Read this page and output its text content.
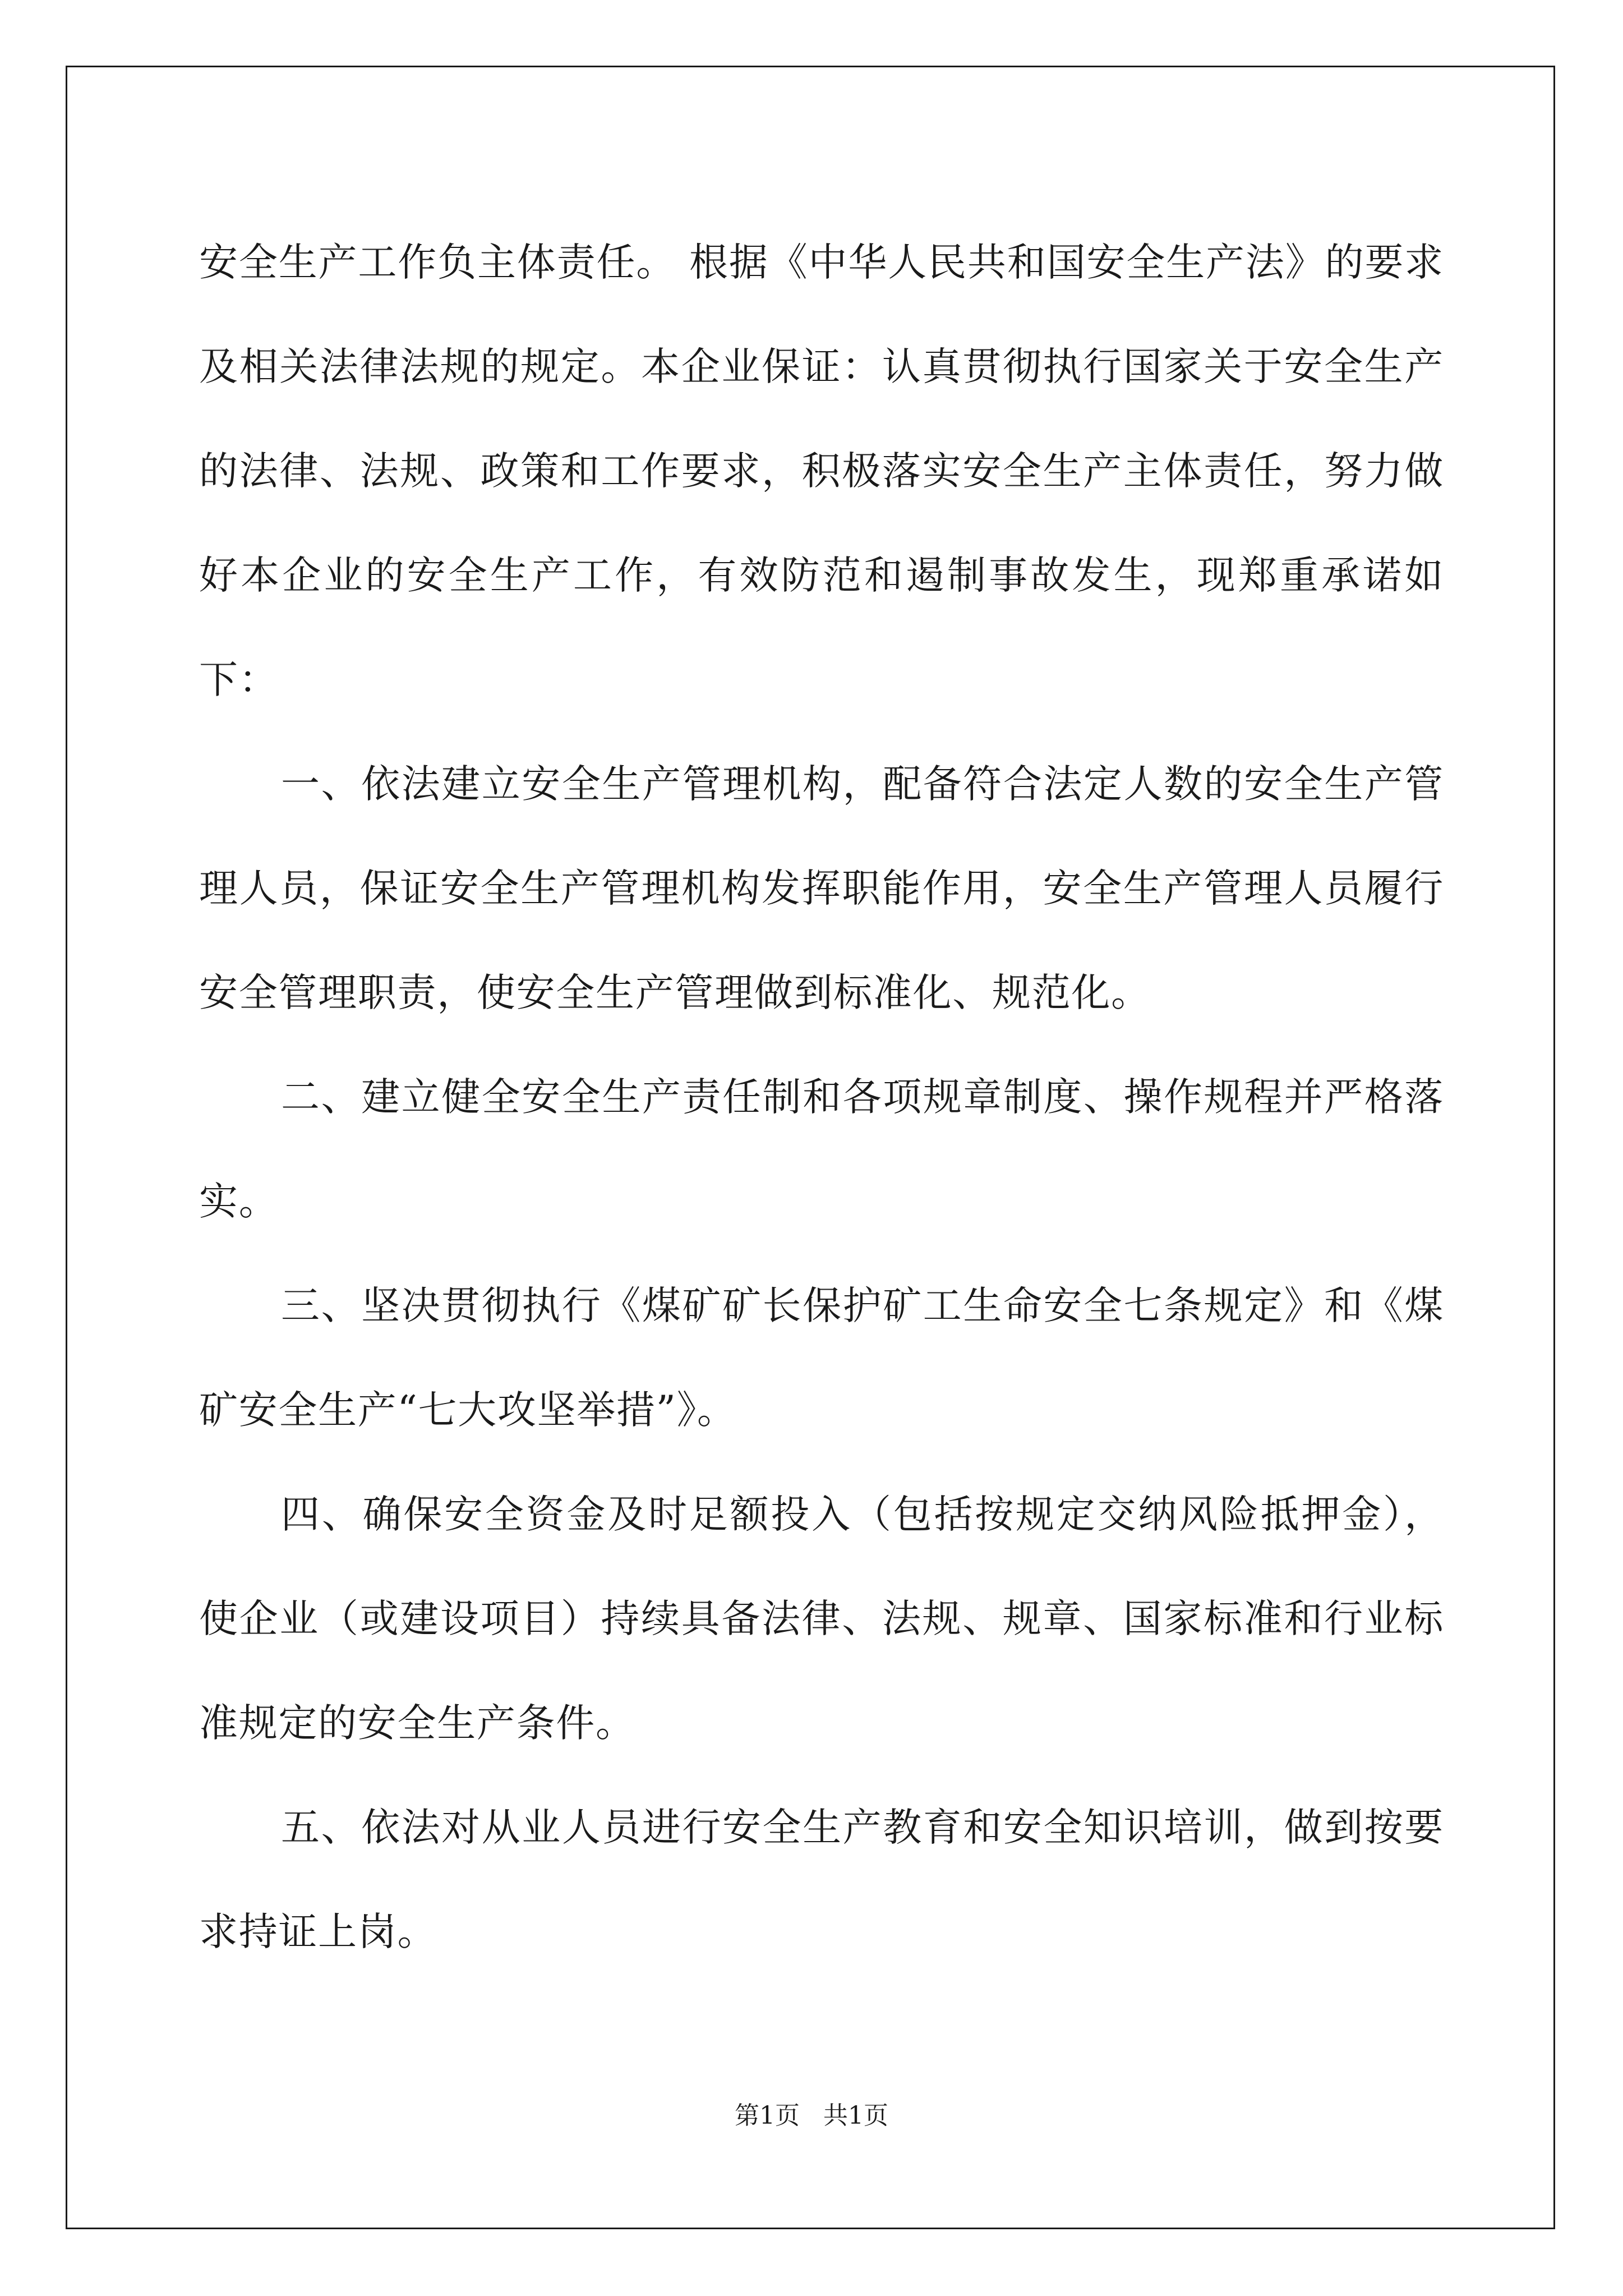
安全生产工作负主体责任。 根据《中华人民共和国安全生产法》的要求及相关法律法规的规定。本企业保证：认真贯彻执行国家关于安全生产的法律、法规、政策和工作要求，积极落实安全生产主体责任，努力做好本企业的安全生产工作，有效防范和遏制事故发生，现郑重承诺如下：

一、依法建立安全生产管理机构，配备符合法定人数的安全生产管理人员，保证安全生产管理机构发挥职能作用，安全生产管理人员履行安全管理职责，使安全生产管理做到标准化、规范化。

二、建立健全安全生产责任制和各项规章制度、操作规程并严格落实。

三、坚决贯彻执行《煤矿矿长保护矿工生命安全七条规定》和《煤矿安全生产“七大攻坚举措”》。

四、确保安全资金及时足额投入（包括按规定交纳风险抵押金），使企业（或建设项目）持续具备法律、法规、规章、国家标准和行业标准规定的安全生产条件。

五、依法对从业人员进行安全生产教育和安全知识培训，做到按要求持证上岗。

第1页   共1页
